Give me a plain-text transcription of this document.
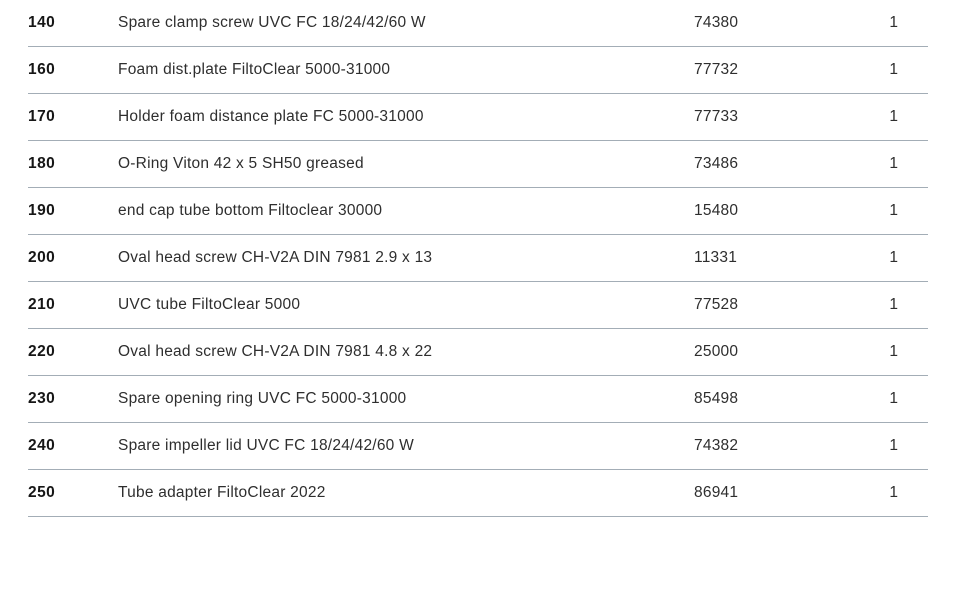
140	Spare clamp screw UVC FC 18/24/42/60 W	74380	1
160	Foam dist.plate FiltoClear 5000-31000	77732	1
170	Holder foam distance plate FC 5000-31000	77733	1
180	O-Ring Viton 42 x 5 SH50 greased	73486	1
190	end cap tube bottom Filtoclear 30000	15480	1
200	Oval head screw CH-V2A DIN 7981 2.9 x 13	11331	1
210	UVC tube FiltoClear 5000	77528	1
220	Oval head screw CH-V2A DIN 7981 4.8 x 22	25000	1
230	Spare opening ring UVC FC 5000-31000	85498	1
240	Spare impeller lid UVC FC 18/24/42/60 W	74382	1
250	Tube adapter FiltoClear 2022	86941	1
